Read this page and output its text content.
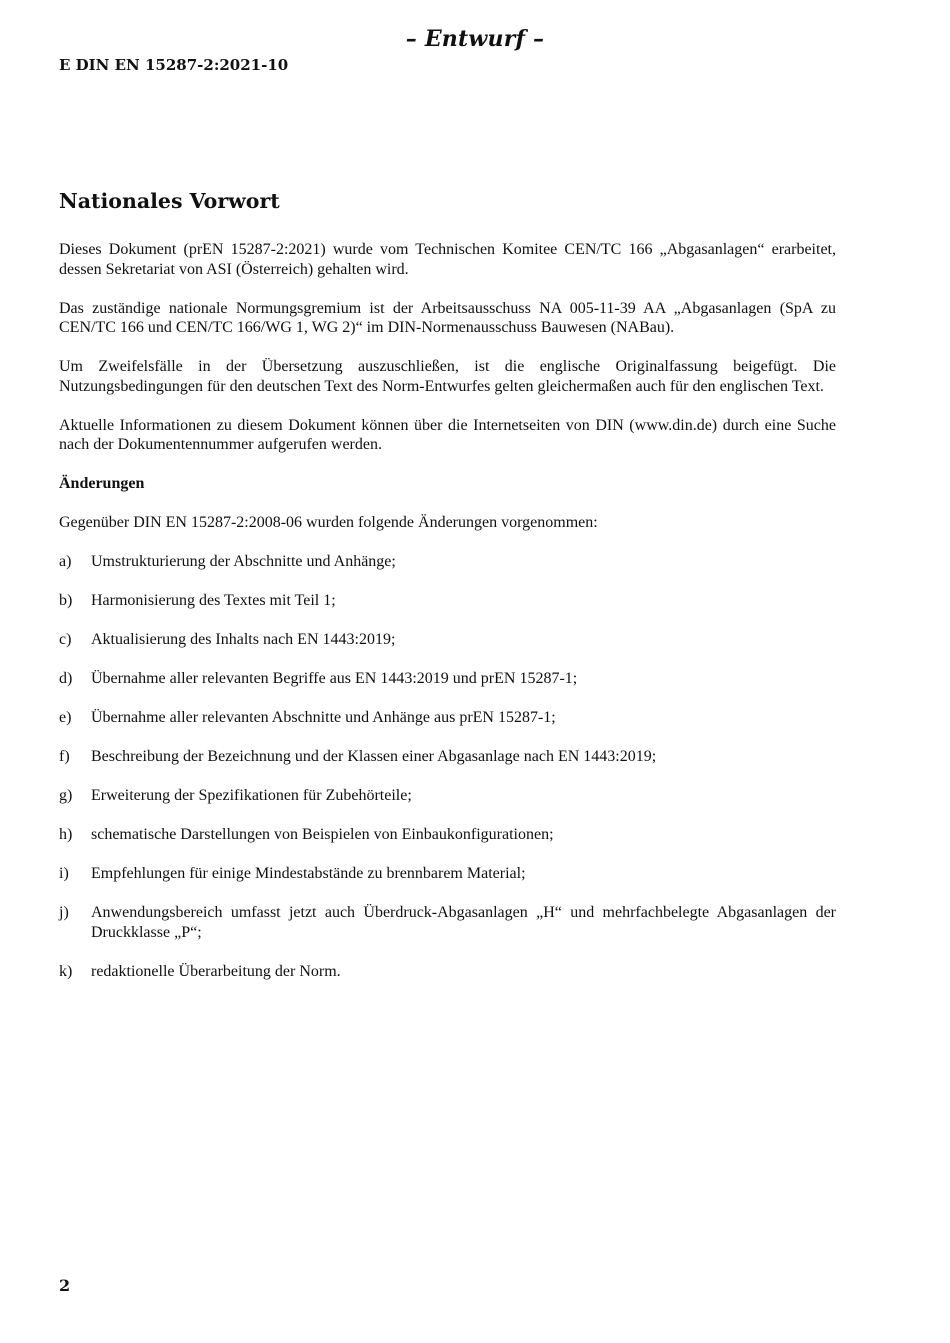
– Entwurf –
E DIN EN 15287-2:2021-10
Nationales Vorwort

Dieses Dokument (prEN 15287-2:2021) wurde vom Technischen Komitee CEN/TC 166 „Abgasanlagen“ erarbeitet, dessen Sekretariat von ASI (Österreich) gehalten wird.

Das zuständige nationale Normungsgremium ist der Arbeitsausschuss NA 005-11-39 AA „Abgasanlagen (SpA zu CEN/TC 166 und CEN/TC 166/WG 1, WG 2)“ im DIN-Normenausschuss Bauwesen (NABau).

Um Zweifelsfälle in der Übersetzung auszuschließen, ist die englische Originalfassung beigefügt. Die Nutzungsbedingungen für den deutschen Text des Norm-Entwurfes gelten gleichermaßen auch für den englischen Text.

Aktuelle Informationen zu diesem Dokument können über die Internetseiten von DIN (www.din.de) durch eine Suche nach der Dokumentennummer aufgerufen werden.

Änderungen

Gegenüber DIN EN 15287-2:2008-06 wurden folgende Änderungen vorgenommen:

a) Umstrukturierung der Abschnitte und Anhänge;
b) Harmonisierung des Textes mit Teil 1;
c) Aktualisierung des Inhalts nach EN 1443:2019;
d) Übernahme aller relevanten Begriffe aus EN 1443:2019 und prEN 15287-1;
e) Übernahme aller relevanten Abschnitte und Anhänge aus prEN 15287-1;
f) Beschreibung der Bezeichnung und der Klassen einer Abgasanlage nach EN 1443:2019;
g) Erweiterung der Spezifikationen für Zubehörteile;
h) schematische Darstellungen von Beispielen von Einbaukonfigurationen;
i) Empfehlungen für einige Mindestabstände zu brennbarem Material;
j) Anwendungsbereich umfasst jetzt auch Überdruck-Abgasanlagen „H“ und mehrfachbelegte Abgasanlagen der Druckklasse „P“;
k) redaktionelle Überarbeitung der Norm.
2
